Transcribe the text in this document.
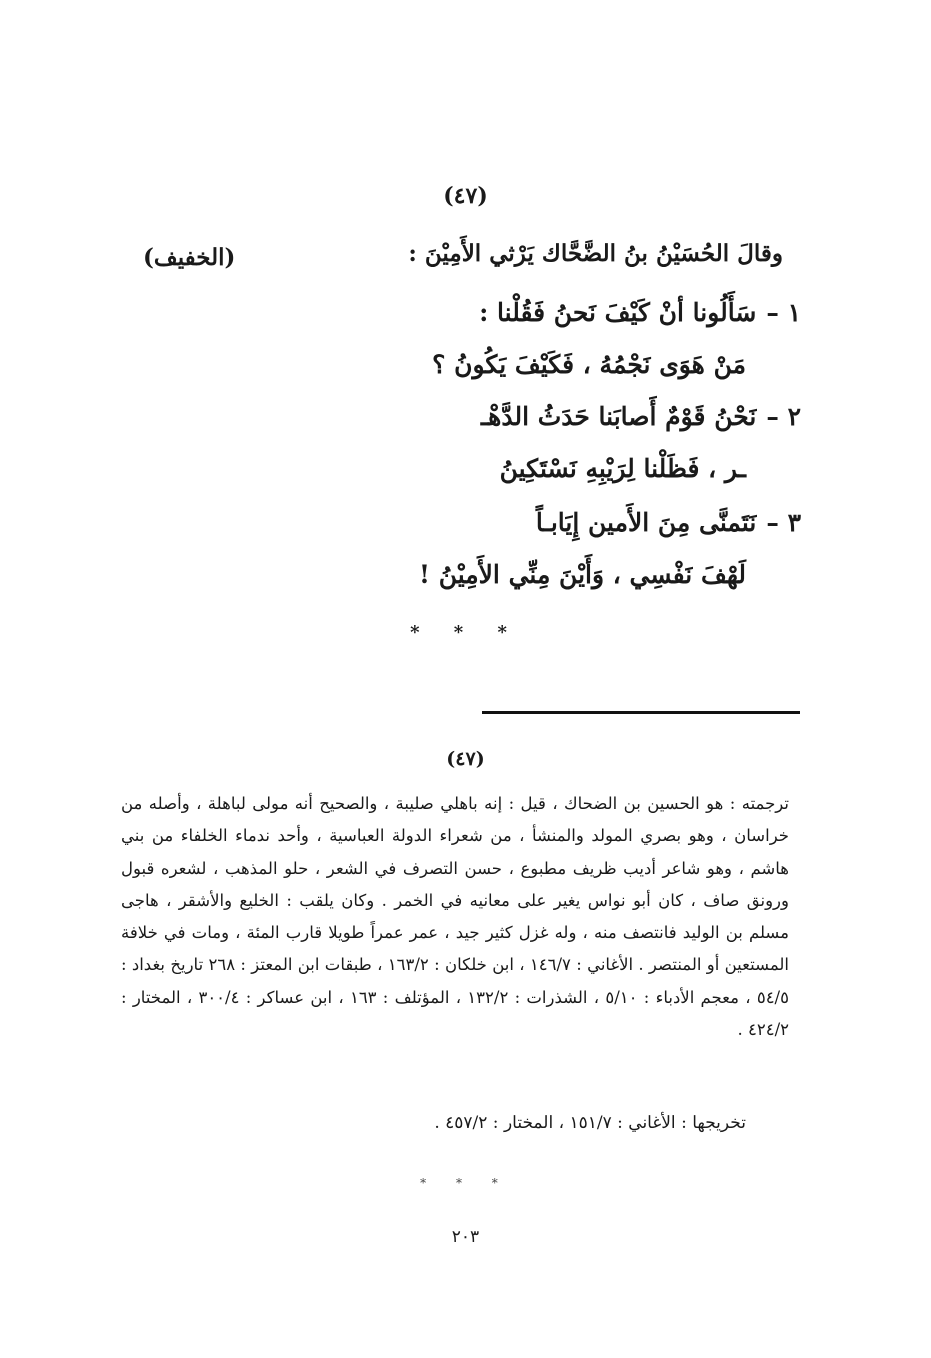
(٤٧)
وقالَ الحُسَيْنُ بنُ الضَّحَّاك يَرْثي الأَمِيْنَ :
(الخفيف)
١ –سَأَلُونا أنْ كَيْفَ نَحنُ فَقُلْنا :
مَنْ هَوَى نَجْمُهُ ، فَكَيْفَ يَكُونُ ؟
٢ –نَحْنُ قَوْمٌ أَصابَنا حَدَثُ الدَّهْـ
ـر ، فَظَلْنا لِرَيْبِهِ نَسْتَكِينُ
٣ –نَتَمنَّى مِنَ الأَمين إِيَابـاً
لَهْفَ نَفْسِي ، وَأَيْنَ مِنِّي الأَمِيْنُ !
* * *
(٤٧)

ترجمته : هو الحسين بن الضحاك ، قيل : إنه باهلي صليبة ، والصحيح أنه مولى لباهلة ، وأصله من خراسان ، وهو بصري المولد والمنشأ ، من شعراء الدولة العباسية ، وأحد ندماء الخلفاء من بني هاشم ، وهو شاعر أديب ظريف مطبوع ، حسن التصرف في الشعر ، حلو المذهب ، لشعره قبول ورونق صاف ، كان أبو نواس يغير على معانيه في الخمر . وكان يلقب : الخليع والأشقر ، هاجى مسلم بن الوليد فانتصف منه ، وله غزل كثير جيد ، عمر عمراً طويلا قارب المئة ، ومات في خلافة المستعين أو المنتصر . الأغاني : ١٤٦/٧ ، ابن خلكان : ١٦٣/٢ ، طبقات ابن المعتز : ٢٦٨ تاريخ بغداد : ٥٤/٥ ، معجم الأدباء : ٥/١٠ ، الشذرات : ١٣٢/٢ ، المؤتلف : ١٦٣ ، ابن عساكر : ٣٠٠/٤ ، المختار : ٤٢٤/٢ .

تخريجها : الأغاني : ١٥١/٧ ، المختار : ٤٥٧/٢ .
* * *
٢٠٣
